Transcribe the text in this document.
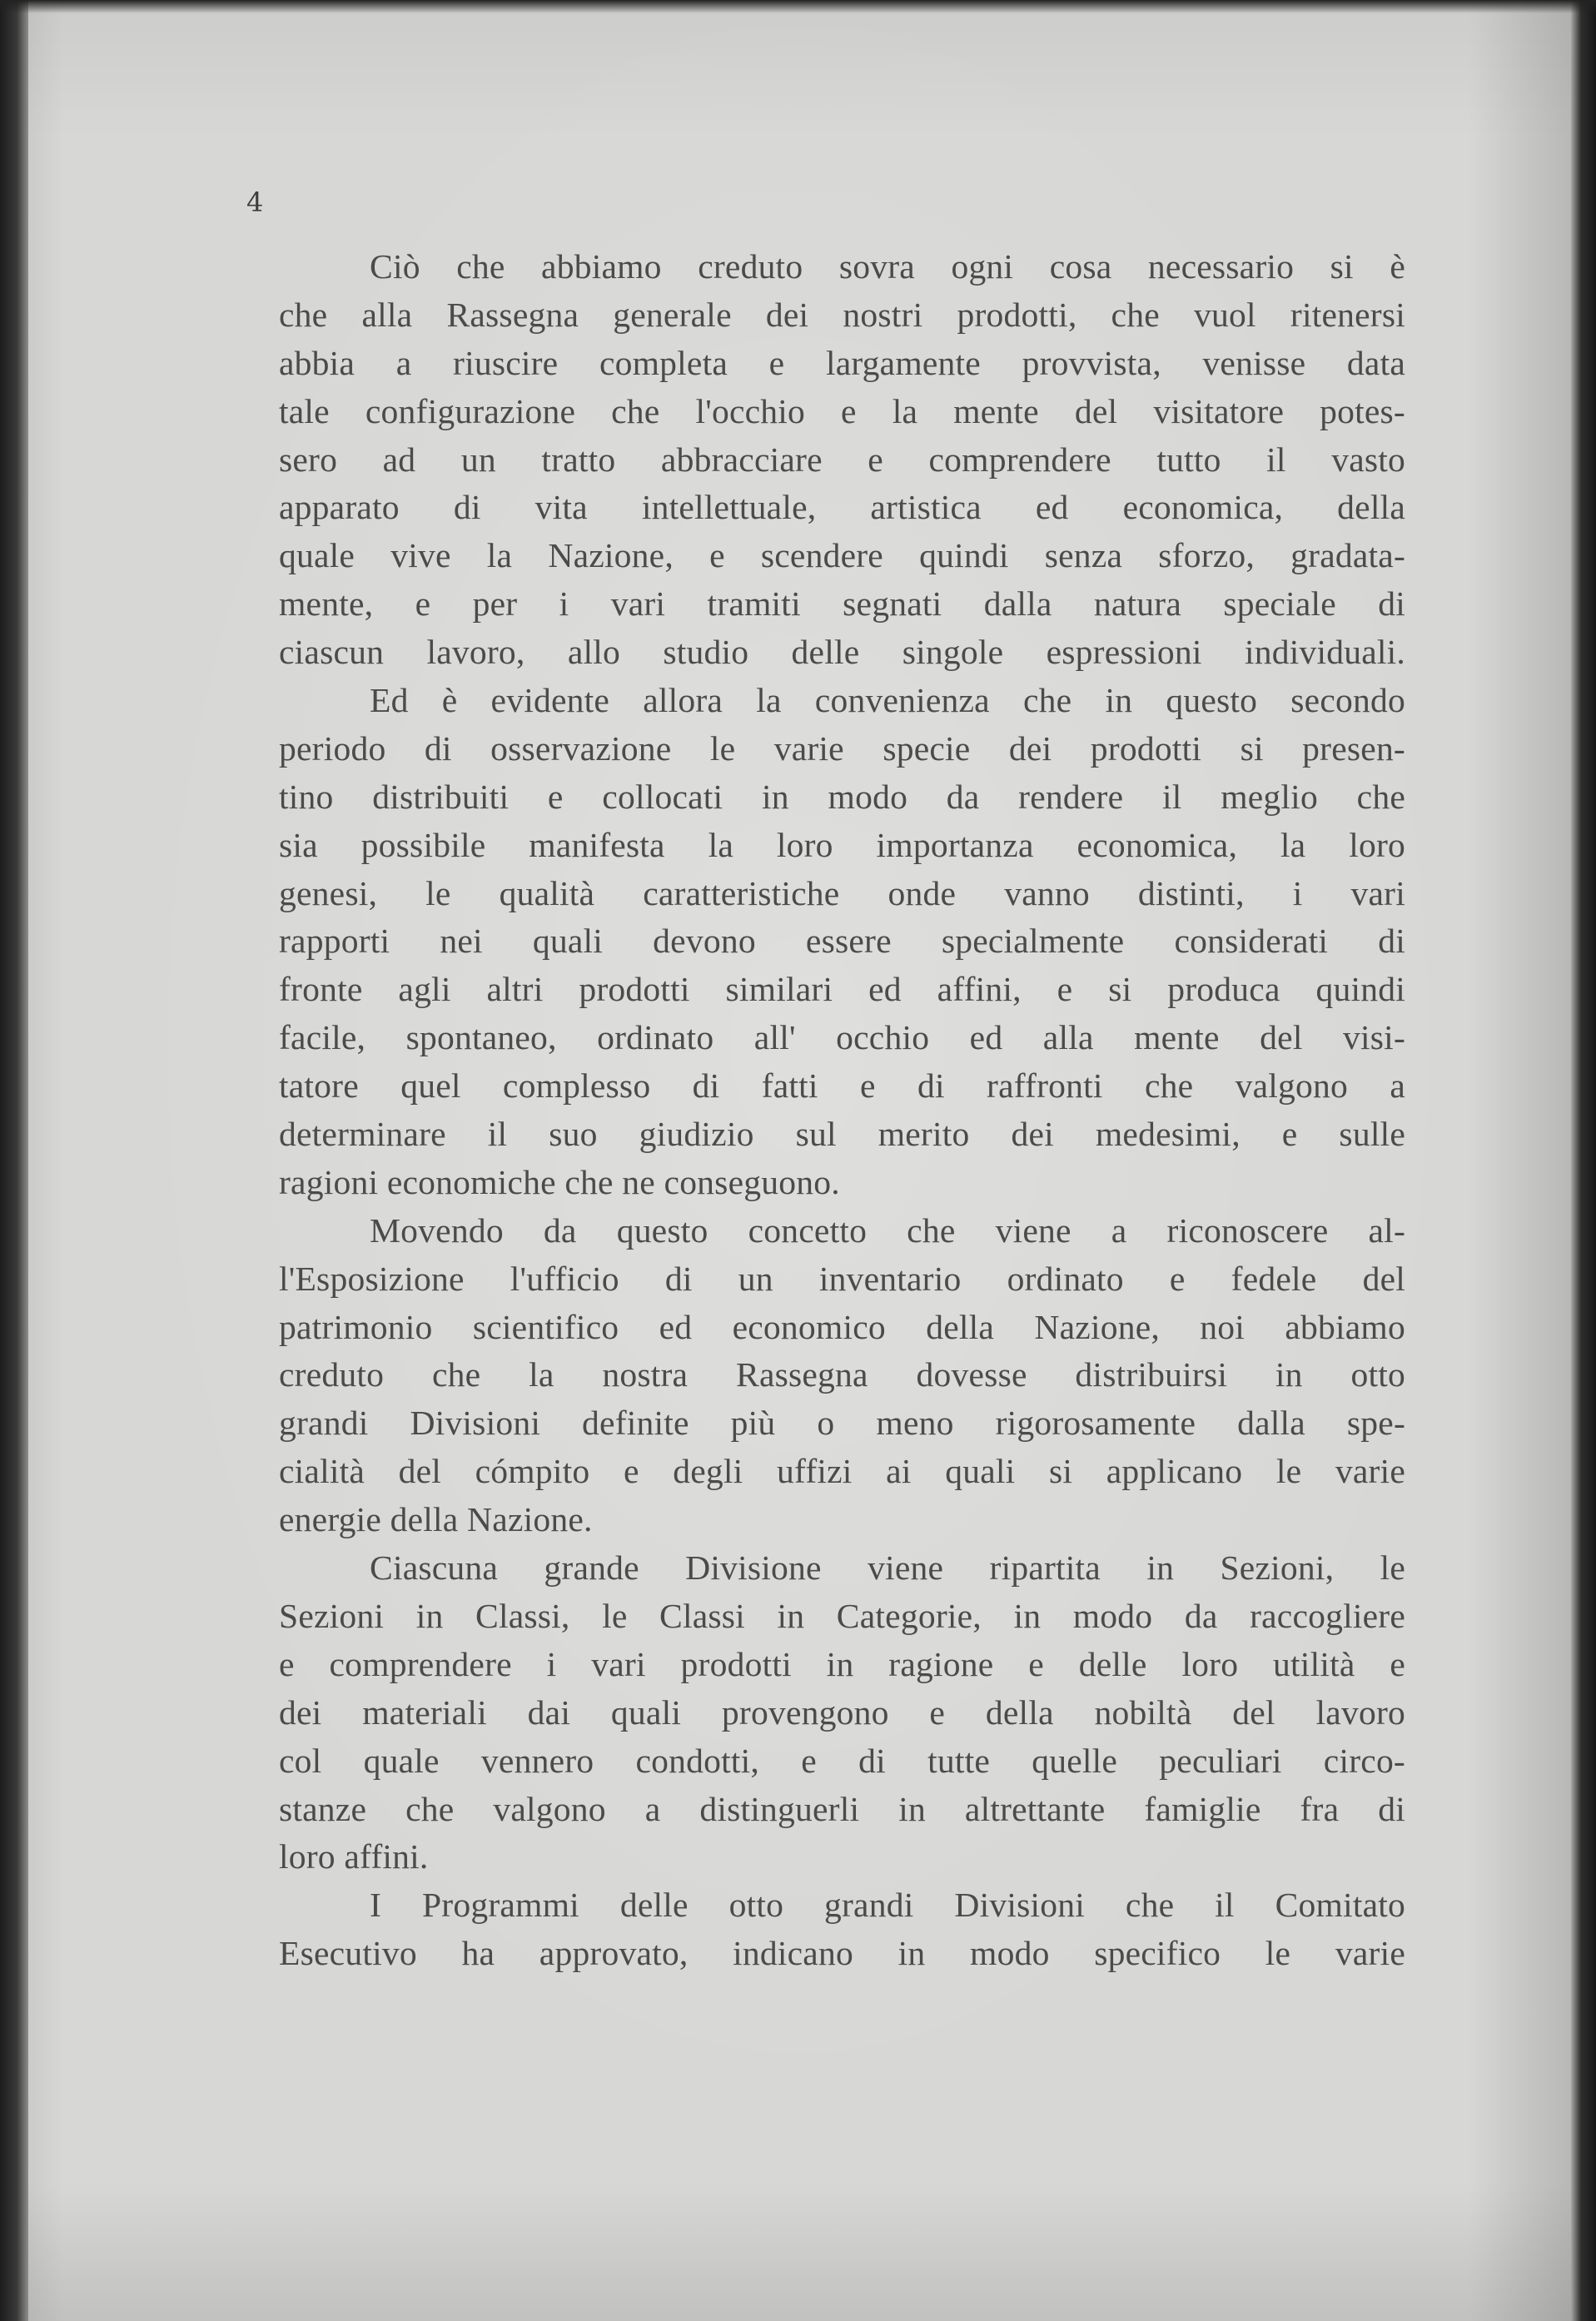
4
Ciò che abbiamo creduto sovra ogni cosa necessario si è
che alla Rassegna generale dei nostri prodotti, che vuol ritenersi
abbia a riuscire completa e largamente provvista, venisse data
tale configurazione che l'occhio e la mente del visitatore potes-
sero ad un tratto abbracciare e comprendere tutto il vasto
apparato di vita intellettuale, artistica ed economica, della
quale vive la Nazione, e scendere quindi senza sforzo, gradata-
mente, e per i vari tramiti segnati dalla natura speciale di
ciascun lavoro, allo studio delle singole espressioni individuali.
Ed è evidente allora la convenienza che in questo secondo
periodo di osservazione le varie specie dei prodotti si presen-
tino distribuiti e collocati in modo da rendere il meglio che
sia possibile manifesta la loro importanza economica, la loro
genesi, le qualità caratteristiche onde vanno distinti, i vari
rapporti nei quali devono essere specialmente considerati di
fronte agli altri prodotti similari ed affini, e si produca quindi
facile, spontaneo, ordinato all' occhio ed alla mente del visi-
tatore quel complesso di fatti e di raffronti che valgono a
determinare il suo giudizio sul merito dei medesimi, e sulle
ragioni economiche che ne conseguono.
Movendo da questo concetto che viene a riconoscere al-
l'Esposizione l'ufficio di un inventario ordinato e fedele del
patrimonio scientifico ed economico della Nazione, noi abbiamo
creduto che la nostra Rassegna dovesse distribuirsi in otto
grandi Divisioni definite più o meno rigorosamente dalla spe-
cialità del cómpito e degli uffizi ai quali si applicano le varie
energie della Nazione.
Ciascuna grande Divisione viene ripartita in Sezioni, le
Sezioni in Classi, le Classi in Categorie, in modo da raccogliere
e comprendere i vari prodotti in ragione e delle loro utilità e
dei materiali dai quali provengono e della nobiltà del lavoro
col quale vennero condotti, e di tutte quelle peculiari circo-
stanze che valgono a distinguerli in altrettante famiglie fra di
loro affini.
I Programmi delle otto grandi Divisioni che il Comitato
Esecutivo ha approvato, indicano in modo specifico le varie
